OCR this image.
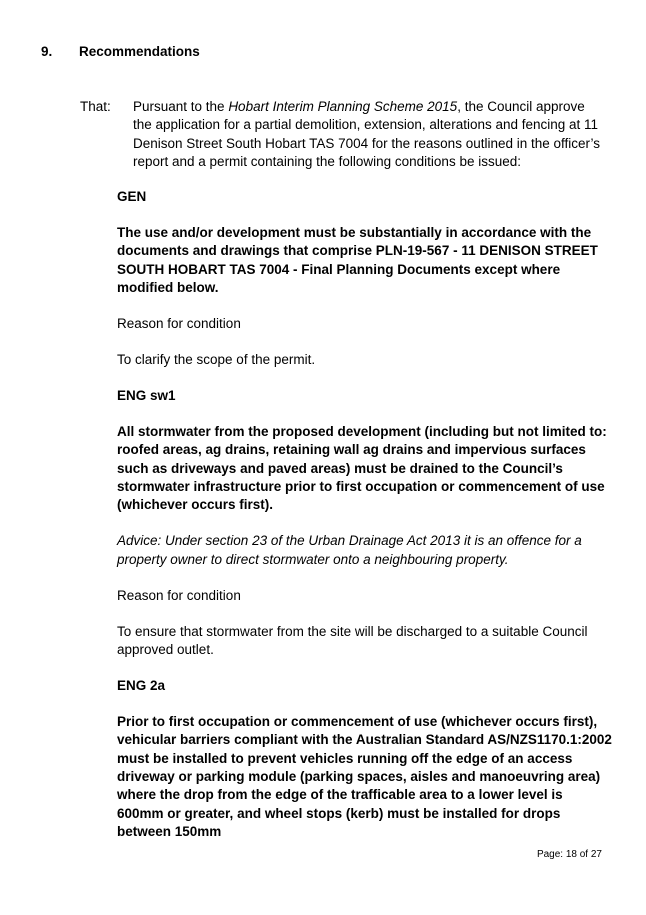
9. Recommendations
That: Pursuant to the Hobart Interim Planning Scheme 2015, the Council approve the application for a partial demolition, extension, alterations and fencing at 11 Denison Street South Hobart TAS 7004 for the reasons outlined in the officer’s report and a permit containing the following conditions be issued:

GEN

The use and/or development must be substantially in accordance with the documents and drawings that comprise PLN-19-567 - 11 DENISON STREET SOUTH HOBART TAS 7004 - Final Planning Documents except where modified below.

Reason for condition

To clarify the scope of the permit.

ENG sw1

All stormwater from the proposed development (including but not limited to: roofed areas, ag drains, retaining wall ag drains and impervious surfaces such as driveways and paved areas) must be drained to the Council’s stormwater infrastructure prior to first occupation or commencement of use (whichever occurs first).

Advice: Under section 23 of the Urban Drainage Act 2013 it is an offence for a property owner to direct stormwater onto a neighbouring property.

Reason for condition

To ensure that stormwater from the site will be discharged to a suitable Council approved outlet.

ENG 2a

Prior to first occupation or commencement of use (whichever occurs first), vehicular barriers compliant with the Australian Standard AS/NZS1170.1:2002 must be installed to prevent vehicles running off the edge of an access driveway or parking module (parking spaces, aisles and manoeuvring area) where the drop from the edge of the trafficable area to a lower level is 600mm or greater, and wheel stops (kerb) must be installed for drops between 150mm

Page: 18 of 27
